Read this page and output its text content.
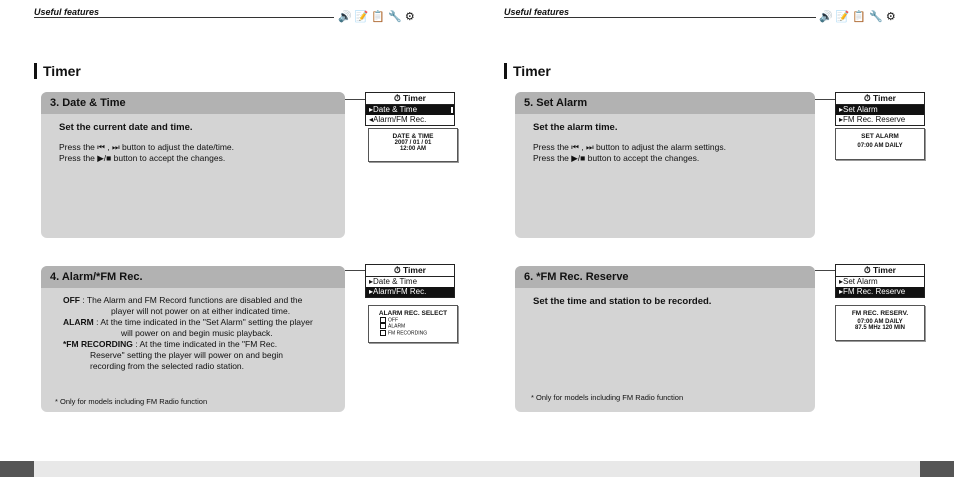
Useful features	🔊 📝 📋 🔧 ⚙
Timer
3. Date & Time
Set the current date and time.
Press the ⏮ , ⏭ button to adjust the date/time.
Press the ▶/■ button to accept the changes.
⏱ Timer
▸Date & Time
◂Alarm/FM Rec.
DATE & TIME
2007 / 01 / 01
12:00 AM
4. Alarm/*FM Rec.
OFF : The Alarm and FM Record functions are disabled and the
player will not power on at either indicated time.
ALARM : At the time indicated in the "Set Alarm" setting the player
will power on and begin music playback.
*FM RECORDING : At the time indicated in the "FM Rec.
Reserve" setting the player will power on and begin
recording from the selected radio station.
* Only for models including FM Radio function
⏱ Timer
▸Date & Time
▸Alarm/FM Rec.
ALARM REC. SELECT
OFF
ALARM
FM RECORDING
Useful features	🔊 📝 📋 🔧 ⚙
Timer
5. Set Alarm
Set the alarm time.
Press the ⏮ , ⏭ button to adjust the alarm settings.
Press the ▶/■ button to accept the changes.
⏱ Timer
▸Set Alarm
▸FM Rec. Reserve
SET ALARM
07:00 AM DAILY
6. *FM Rec. Reserve
Set the time and station to be recorded.
* Only for models including FM Radio function
⏱ Timer
▸Set Alarm
▸FM Rec. Reserve
FM REC. RESERV.
07:00 AM DAILY
87.5 MHz 120 MIN
